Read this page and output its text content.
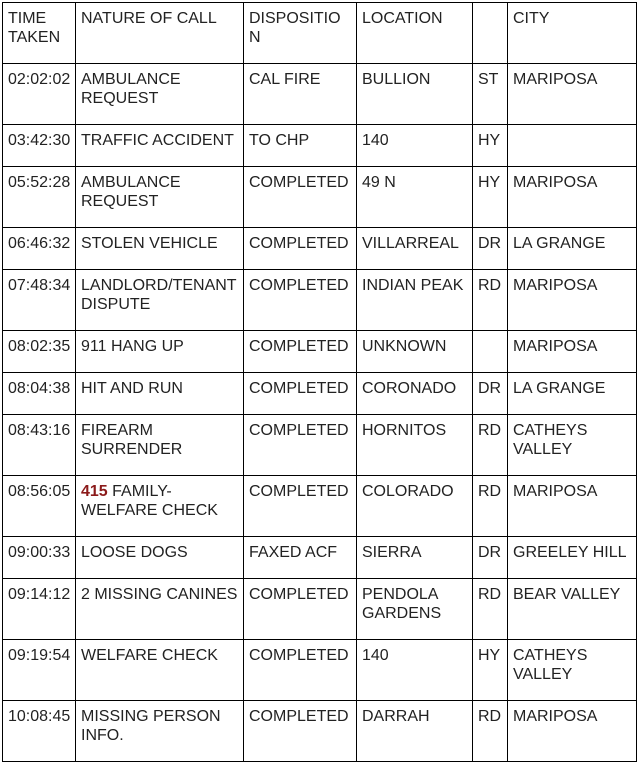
TIME TAKEN	NATURE OF CALL	DISPOSITION	LOCATION		CITY
02:02:02	AMBULANCE REQUEST	CAL FIRE	BULLION	ST	MARIPOSA
03:42:30	TRAFFIC ACCIDENT	TO CHP	140	HY	
05:52:28	AMBULANCE REQUEST	COMPLETED	49 N	HY	MARIPOSA
06:46:32	STOLEN VEHICLE	COMPLETED	VILLARREAL	DR	LA GRANGE
07:48:34	LANDLORD/TENANT DISPUTE	COMPLETED	INDIAN PEAK	RD	MARIPOSA
08:02:35	911 HANG UP	COMPLETED	UNKNOWN		MARIPOSA
08:04:38	HIT AND RUN	COMPLETED	CORONADO	DR	LA GRANGE
08:43:16	FIREARM SURRENDER	COMPLETED	HORNITOS	RD	CATHEYS VALLEY
08:56:05	415 FAMILY-WELFARE CHECK	COMPLETED	COLORADO	RD	MARIPOSA
09:00:33	LOOSE DOGS	FAXED ACF	SIERRA	DR	GREELEY HILL
09:14:12	2 MISSING CANINES	COMPLETED	PENDOLA GARDENS	RD	BEAR VALLEY
09:19:54	WELFARE CHECK	COMPLETED	140	HY	CATHEYS VALLEY
10:08:45	MISSING PERSON INFO.	COMPLETED	DARRAH	RD	MARIPOSA
